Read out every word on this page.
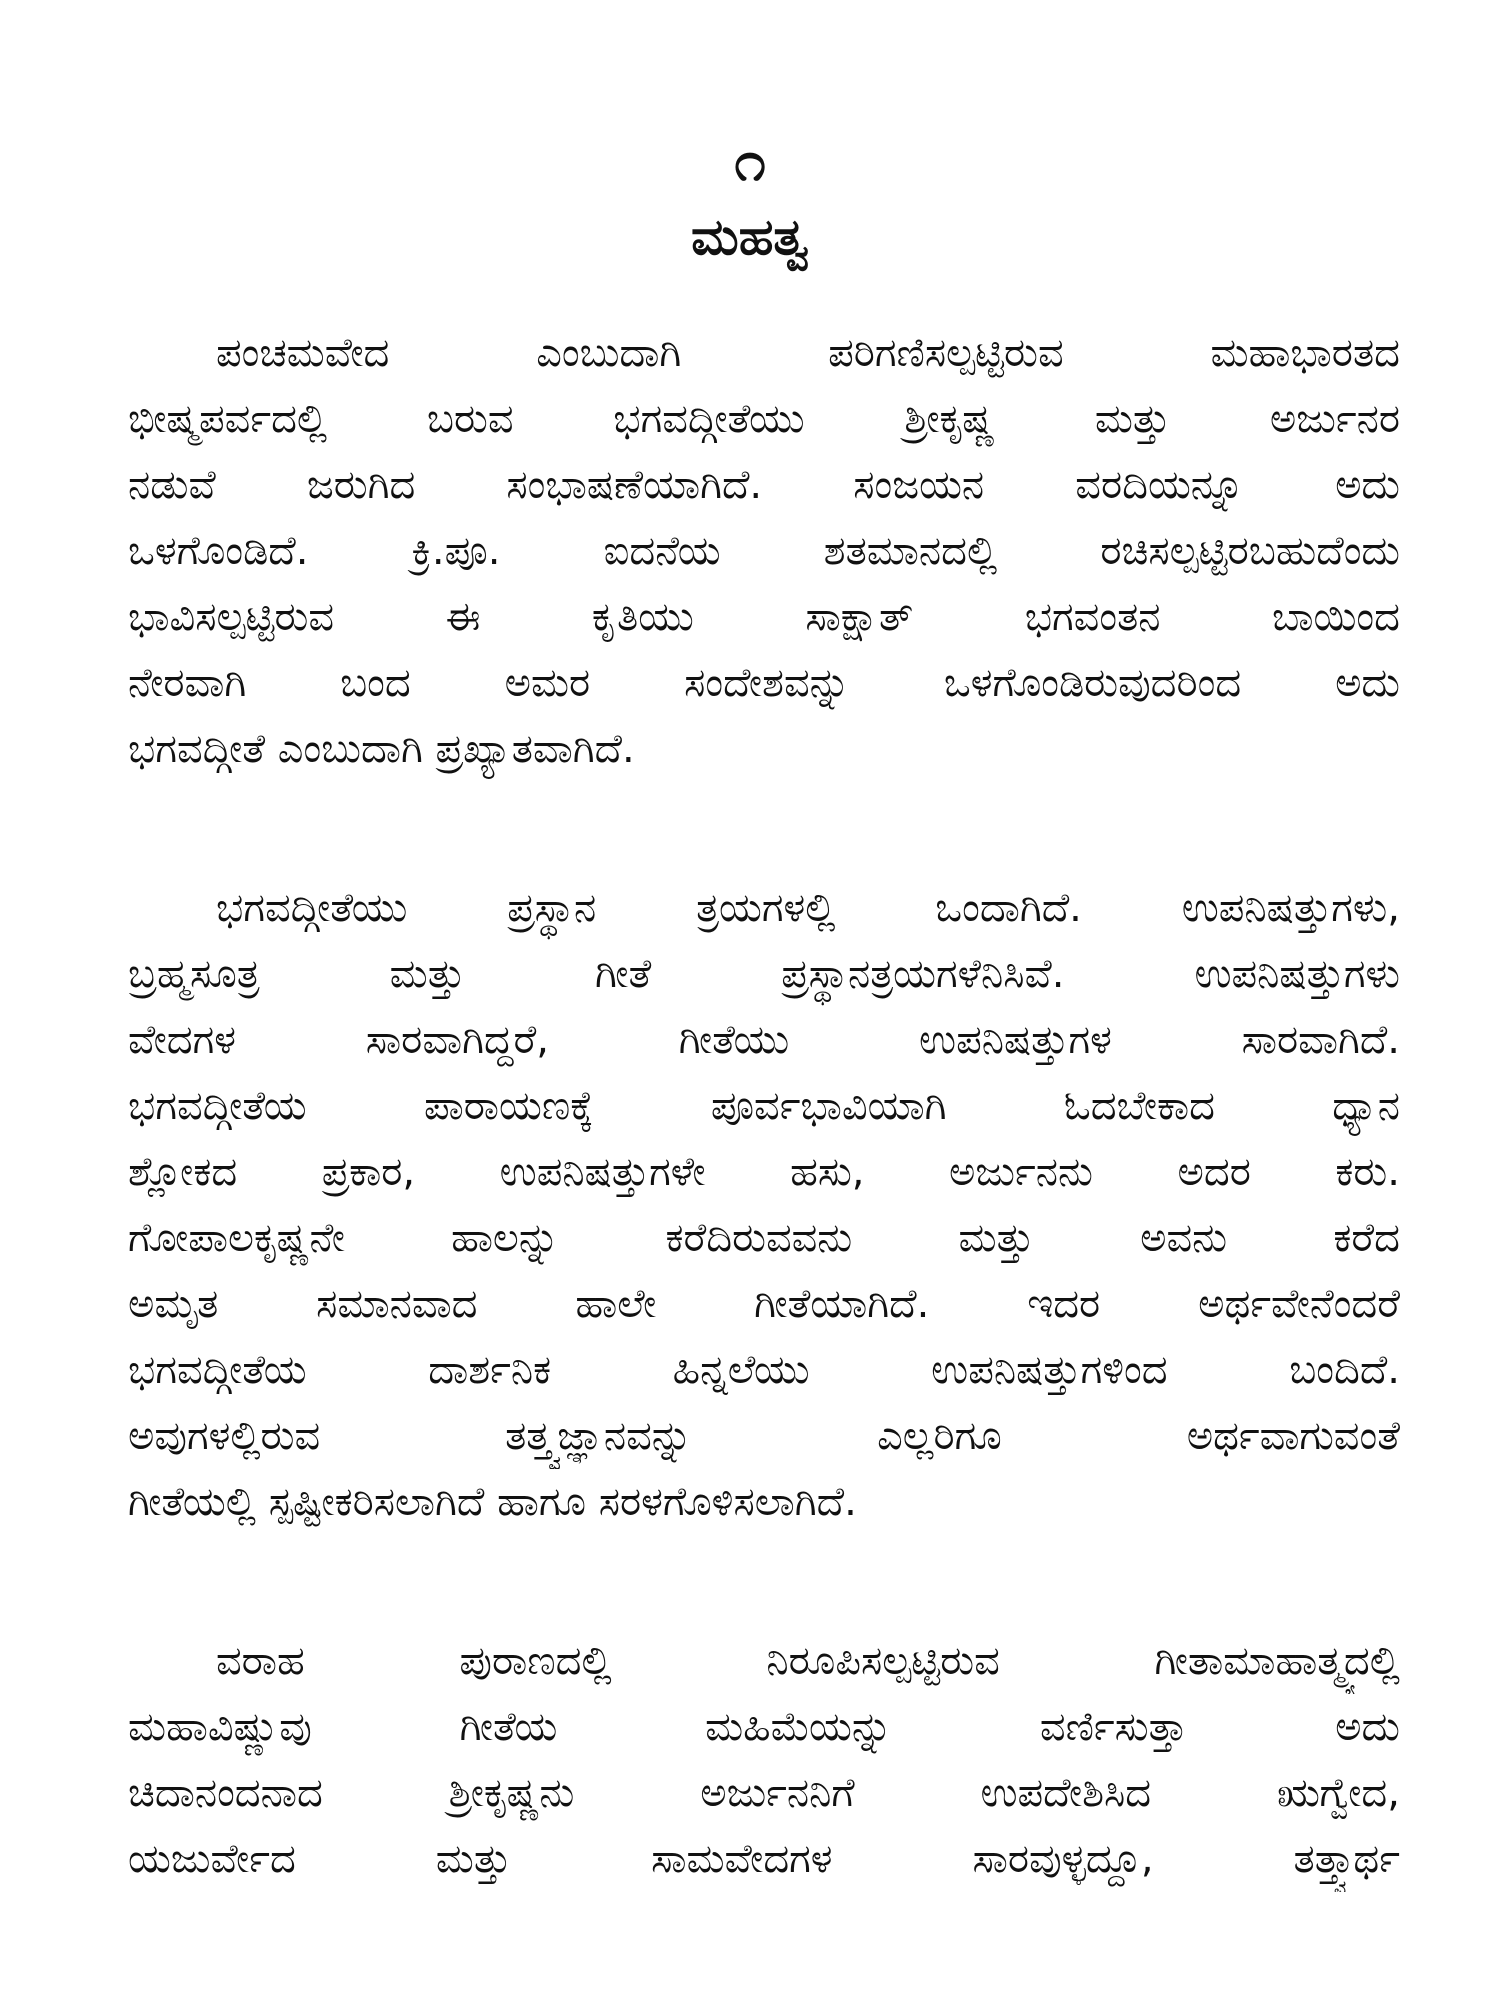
೧
ಮಹತ್ವ
ಪಂಚಮವೇದ ಎಂಬುದಾಗಿ ಪರಿಗಣಿಸಲ್ಪಟ್ಟಿರುವ ಮಹಾಭಾರತದ
ಭೀಷ್ಮಪರ್ವದಲ್ಲಿ ಬರುವ ಭಗವದ್ಗೀತೆಯು ಶ್ರೀಕೃಷ್ಣ ಮತ್ತು ಅರ್ಜುನರ
ನಡುವೆ ಜರುಗಿದ ಸಂಭಾಷಣೆಯಾಗಿದೆ. ಸಂಜಯನ ವರದಿಯನ್ನೂ ಅದು
ಒಳಗೊಂಡಿದೆ. ಕ್ರಿ.ಪೂ. ಐದನೆಯ ಶತಮಾನದಲ್ಲಿ ರಚಿಸಲ್ಪಟ್ಟಿರಬಹುದೆಂದು
ಭಾವಿಸಲ್ಪಟ್ಟಿರುವ ಈ ಕೃತಿಯು ಸಾಕ್ಷಾತ್ ಭಗವಂತನ ಬಾಯಿಂದ
ನೇರವಾಗಿ ಬಂದ ಅಮರ ಸಂದೇಶವನ್ನು ಒಳಗೊಂಡಿರುವುದರಿಂದ ಅದು
ಭಗವದ್ಗೀತೆ ಎಂಬುದಾಗಿ ಪ್ರಖ್ಯಾತವಾಗಿದೆ.
ಭಗವದ್ಗೀತೆಯು ಪ್ರಸ್ಥಾನ ತ್ರಯಗಳಲ್ಲಿ ಒಂದಾಗಿದೆ. ಉಪನಿಷತ್ತುಗಳು,
ಬ್ರಹ್ಮಸೂತ್ರ ಮತ್ತು ಗೀತೆ ಪ್ರಸ್ಥಾನತ್ರಯಗಳೆನಿಸಿವೆ. ಉಪನಿಷತ್ತುಗಳು
ವೇದಗಳ ಸಾರವಾಗಿದ್ದರೆ, ಗೀತೆಯು ಉಪನಿಷತ್ತುಗಳ ಸಾರವಾಗಿದೆ.
ಭಗವದ್ಗೀತೆಯ ಪಾರಾಯಣಕ್ಕೆ ಪೂರ್ವಭಾವಿಯಾಗಿ ಓದಬೇಕಾದ ಧ್ಯಾನ
ಶ್ಲೋಕದ ಪ್ರಕಾರ, ಉಪನಿಷತ್ತುಗಳೇ ಹಸು, ಅರ್ಜುನನು ಅದರ ಕರು.
ಗೋಪಾಲಕೃಷ್ಣನೇ ಹಾಲನ್ನು ಕರೆದಿರುವವನು ಮತ್ತು ಅವನು ಕರೆದ
ಅಮೃತ ಸಮಾನವಾದ ಹಾಲೇ ಗೀತೆಯಾಗಿದೆ. ಇದರ ಅರ್ಥವೇನೆಂದರೆ
ಭಗವದ್ಗೀತೆಯ ದಾರ್ಶನಿಕ ಹಿನ್ನಲೆಯು ಉಪನಿಷತ್ತುಗಳಿಂದ ಬಂದಿದೆ.
ಅವುಗಳಲ್ಲಿರುವ ತತ್ತ್ವಜ್ಞಾನವನ್ನು ಎಲ್ಲರಿಗೂ ಅರ್ಥವಾಗುವಂತೆ
ಗೀತೆಯಲ್ಲಿ ಸ್ಪಷ್ಟೀಕರಿಸಲಾಗಿದೆ ಹಾಗೂ ಸರಳಗೊಳಿಸಲಾಗಿದೆ.
ವರಾಹ ಪುರಾಣದಲ್ಲಿ ನಿರೂಪಿಸಲ್ಪಟ್ಟಿರುವ ಗೀತಾಮಾಹಾತ್ಮ್ಯದಲ್ಲಿ
ಮಹಾವಿಷ್ಣುವು ಗೀತೆಯ ಮಹಿಮೆಯನ್ನು ವರ್ಣಿಸುತ್ತಾ ಅದು
ಚಿದಾನಂದನಾದ ಶ್ರೀಕೃಷ್ಣನು ಅರ್ಜುನನಿಗೆ ಉಪದೇಶಿಸಿದ ಋಗ್ವೇದ,
ಯಜುರ್ವೇದ ಮತ್ತು ಸಾಮವೇದಗಳ ಸಾರವುಳ್ಳದ್ದೂ, ತತ್ತ್ವಾರ್ಥ
